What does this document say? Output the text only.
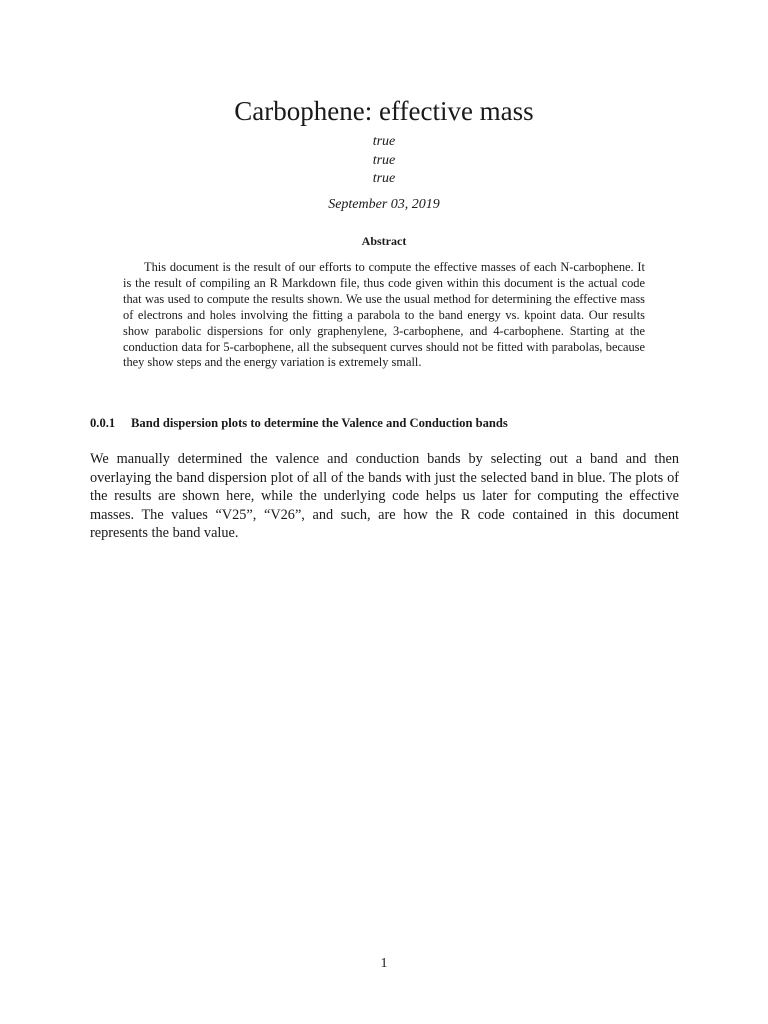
Carbophene: effective mass
true
true
true
September 03, 2019
Abstract

This document is the result of our efforts to compute the effective masses of each N-carbophene. It is the result of compiling an R Markdown file, thus code given within this document is the actual code that was used to compute the results shown. We use the usual method for determining the effective mass of electrons and holes involving the fitting a parabola to the band energy vs. kpoint data. Our results show parabolic dispersions for only graphenylene, 3-carbophene, and 4-carbophene. Starting at the conduction data for 5-carbophene, all the subsequent curves should not be fitted with parabolas, because they show steps and the energy variation is extremely small.

0.0.1 Band dispersion plots to determine the Valence and Conduction bands

We manually determined the valence and conduction bands by selecting out a band and then overlaying the band dispersion plot of all of the bands with just the selected band in blue. The plots of the results are shown here, while the underlying code helps us later for computing the effective masses. The values “V25”, “V26”, and such, are how the R code contained in this document represents the band value.

1
